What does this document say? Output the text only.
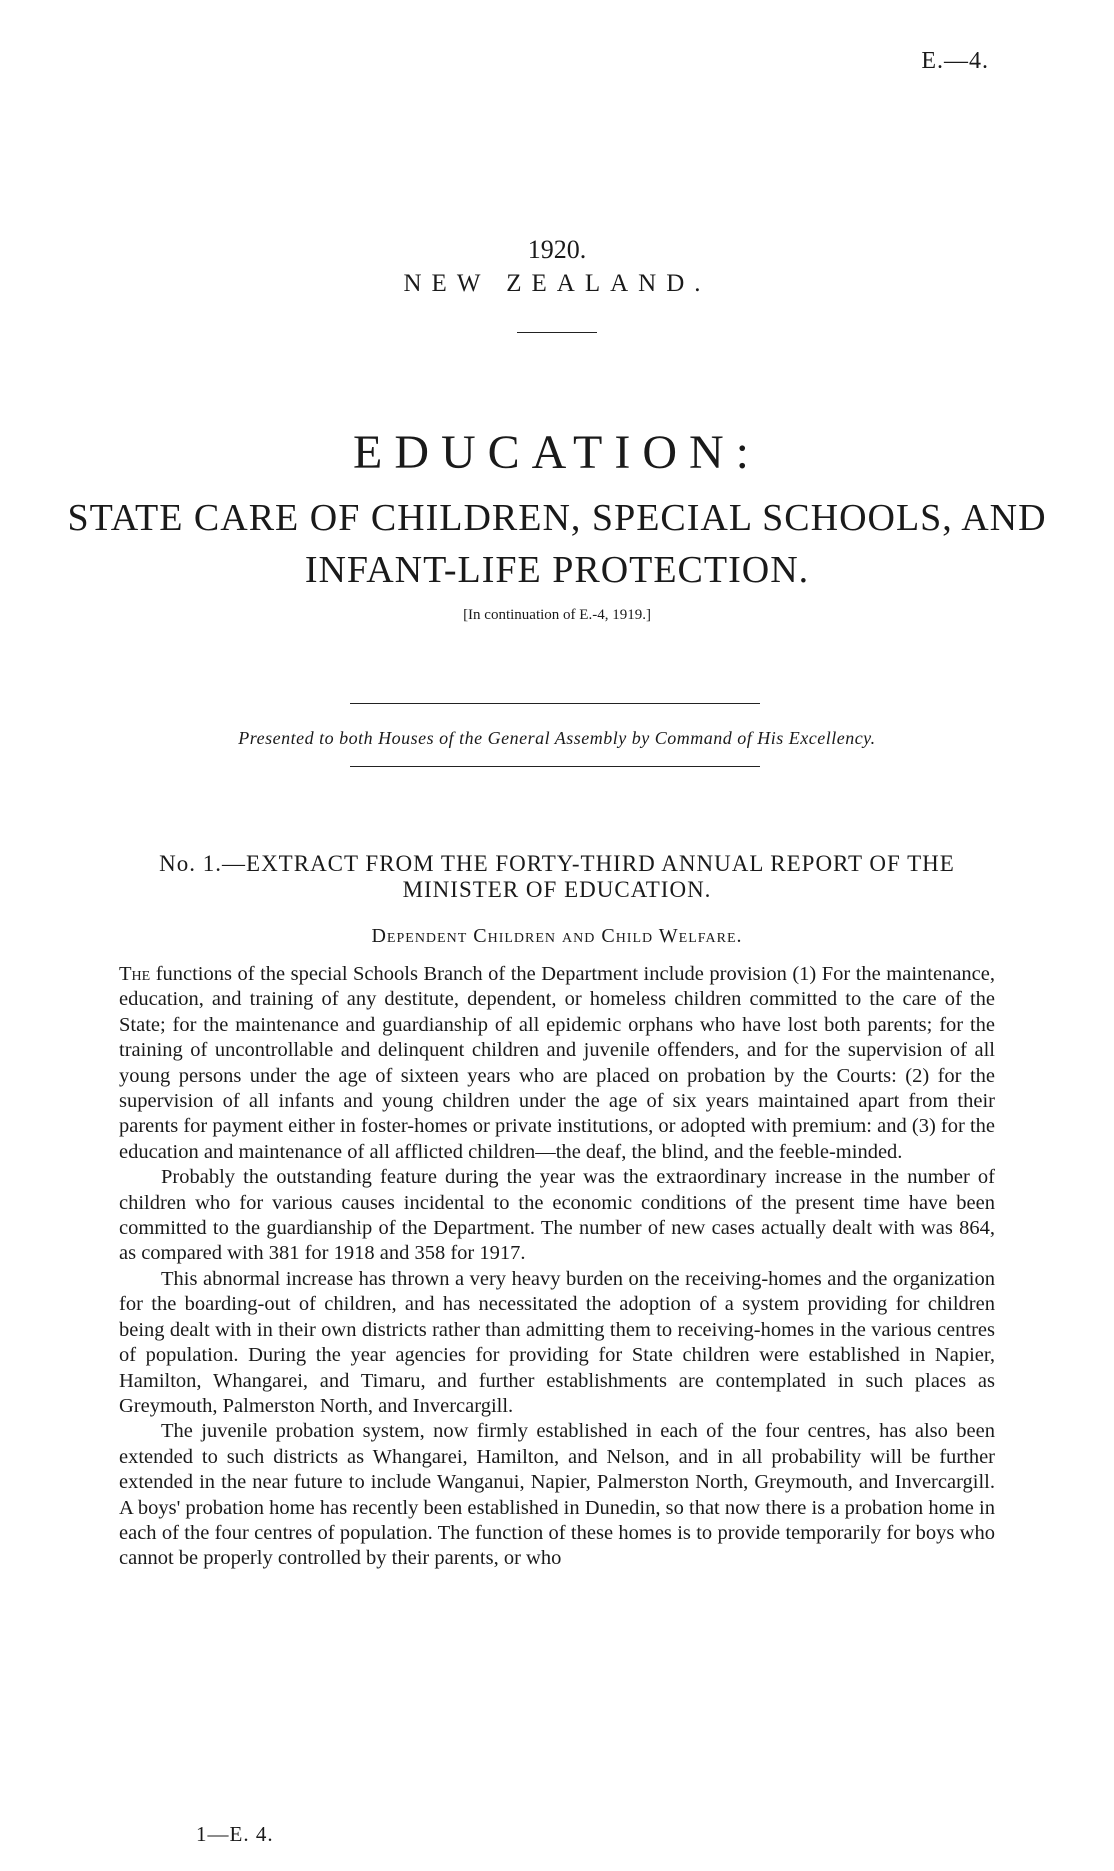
E.—4.
1920.
NEW ZEALAND.
EDUCATION:
STATE CARE OF CHILDREN, SPECIAL SCHOOLS, AND
INFANT-LIFE PROTECTION.
[In continuation of E.-4, 1919.]
Presented to both Houses of the General Assembly by Command of His Excellency.
No. 1.—EXTRACT FROM THE FORTY-THIRD ANNUAL REPORT OF THE
MINISTER OF EDUCATION.
Dependent Children and Child Welfare.

The functions of the special Schools Branch of the Department include provision (1) For the maintenance, education, and training of any destitute, dependent, or homeless children committed to the care of the State; for the maintenance and guardianship of all epidemic orphans who have lost both parents; for the training of uncontrollable and delinquent children and juvenile offenders, and for the supervision of all young persons under the age of sixteen years who are placed on probation by the Courts: (2) for the supervision of all infants and young children under the age of six years maintained apart from their parents for payment either in foster-homes or private institutions, or adopted with premium: and (3) for the education and maintenance of all afflicted children—the deaf, the blind, and the feeble-minded.

Probably the outstanding feature during the year was the extraordinary increase in the number of children who for various causes incidental to the economic conditions of the present time have been committed to the guardianship of the Department. The number of new cases actually dealt with was 864, as compared with 381 for 1918 and 358 for 1917.

This abnormal increase has thrown a very heavy burden on the receiving-homes and the organization for the boarding-out of children, and has necessitated the adoption of a system providing for children being dealt with in their own districts rather than admitting them to receiving-homes in the various centres of population. During the year agencies for providing for State children were established in Napier, Hamilton, Whangarei, and Timaru, and further establishments are contemplated in such places as Greymouth, Palmerston North, and Invercargill.

The juvenile probation system, now firmly established in each of the four centres, has also been extended to such districts as Whangarei, Hamilton, and Nelson, and in all probability will be further extended in the near future to include Wanganui, Napier, Palmerston North, Greymouth, and Invercargill. A boys' probation home has recently been established in Dunedin, so that now there is a probation home in each of the four centres of population. The function of these homes is to provide temporarily for boys who cannot be properly controlled by their parents, or who

1—E. 4.
